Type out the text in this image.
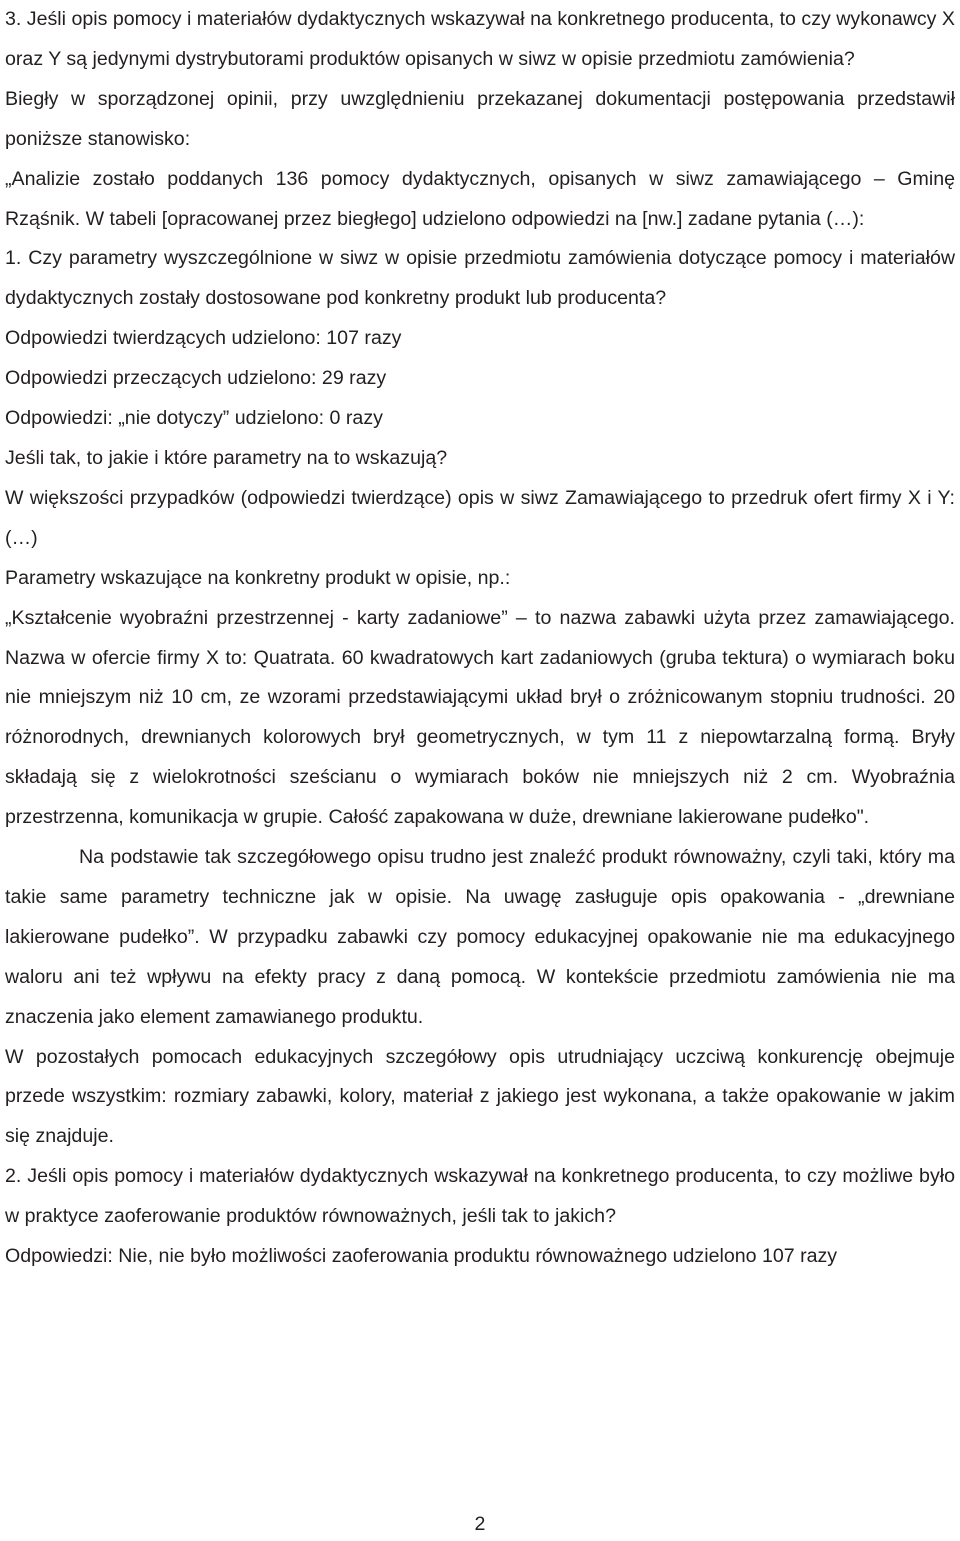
3. Jeśli opis pomocy i materiałów dydaktycznych wskazywał na konkretnego producenta, to czy wykonawcy X oraz Y są jedynymi dystrybutorami produktów opisanych w siwz w opisie przedmiotu zamówienia?

Biegły w sporządzonej opinii, przy uwzględnieniu przekazanej dokumentacji postępowania przedstawił poniższe stanowisko:

„Analizie zostało poddanych 136 pomocy dydaktycznych, opisanych w siwz zamawiającego – Gminę Rząśnik. W tabeli [opracowanej przez biegłego] udzielono odpowiedzi na [nw.] zadane pytania (…):

1. Czy parametry wyszczególnione w siwz w opisie przedmiotu zamówienia dotyczące pomocy i materiałów dydaktycznych zostały dostosowane pod konkretny produkt lub producenta?

Odpowiedzi twierdzących udzielono: 107 razy

Odpowiedzi przeczących udzielono: 29 razy

Odpowiedzi: „nie dotyczy” udzielono: 0 razy

Jeśli tak, to jakie i które parametry na to wskazują?

W większości przypadków (odpowiedzi twierdzące) opis w siwz Zamawiającego to przedruk ofert firmy X i Y: (…)

Parametry wskazujące na konkretny produkt w opisie, np.:

„Kształcenie wyobraźni przestrzennej - karty zadaniowe” – to nazwa zabawki użyta przez zamawiającego. Nazwa w ofercie firmy X to: Quatrata. 60 kwadratowych kart zadaniowych (gruba tektura) o wymiarach boku nie mniejszym niż 10 cm, ze wzorami przedstawiającymi układ brył o zróżnicowanym stopniu trudności. 20 różnorodnych, drewnianych kolorowych brył geometrycznych, w tym 11 z niepowtarzalną formą. Bryły składają się z wielokrotności sześcianu o wymiarach boków nie mniejszych niż 2 cm. Wyobraźnia przestrzenna, komunikacja w grupie. Całość zapakowana w duże, drewniane lakierowane pudełko".

Na podstawie tak szczegółowego opisu trudno jest znaleźć produkt równoważny, czyli taki, który ma takie same parametry techniczne jak w opisie. Na uwagę zasługuje opis opakowania - „drewniane lakierowane pudełko”. W przypadku zabawki czy pomocy edukacyjnej opakowanie nie ma edukacyjnego waloru ani też wpływu na efekty pracy z daną pomocą. W kontekście przedmiotu zamówienia nie ma znaczenia jako element zamawianego produktu.

W pozostałych pomocach edukacyjnych szczegółowy opis utrudniający uczciwą konkurencję obejmuje przede wszystkim: rozmiary zabawki, kolory, materiał z jakiego jest wykonana, a także opakowanie w jakim się znajduje.

2. Jeśli opis pomocy i materiałów dydaktycznych wskazywał na konkretnego producenta, to czy możliwe było w praktyce zaoferowanie produktów równoważnych, jeśli tak to jakich?

Odpowiedzi: Nie, nie było możliwości zaoferowania produktu równoważnego udzielono 107 razy

2
